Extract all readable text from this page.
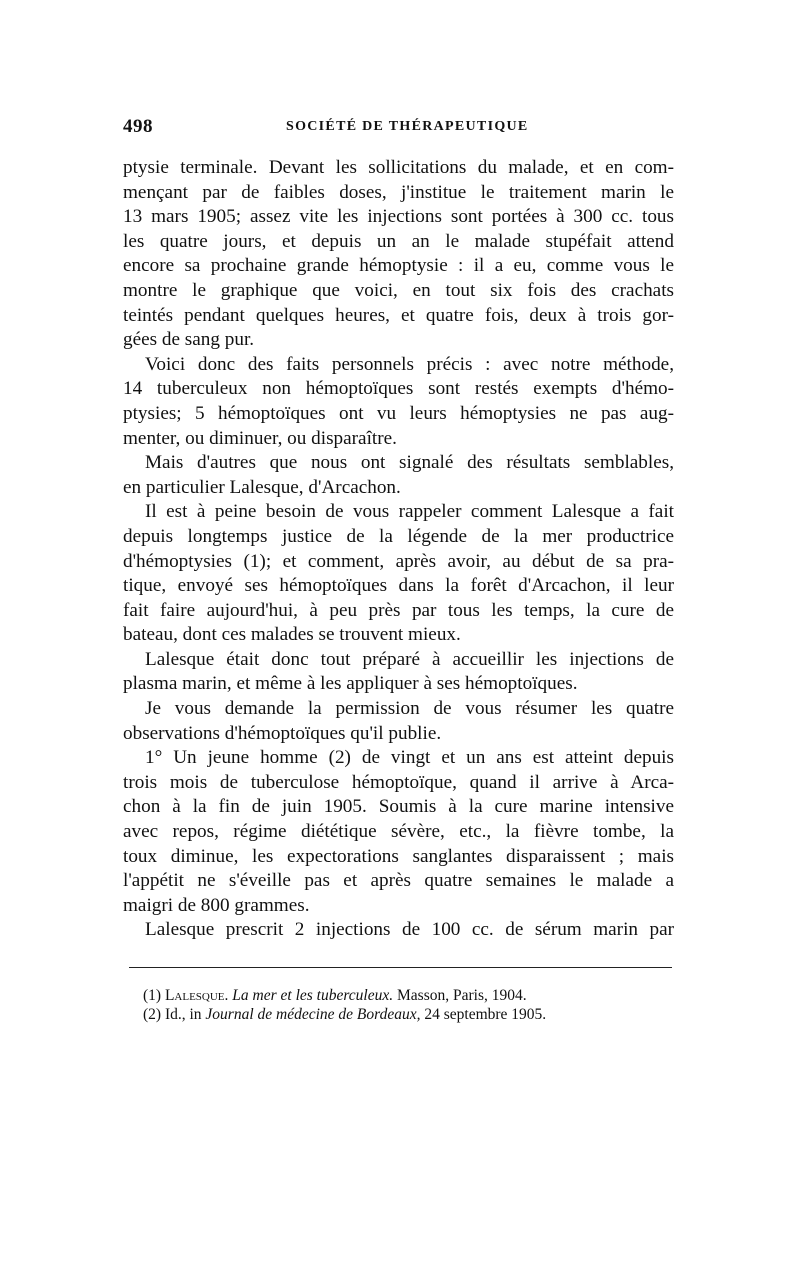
498	SOCIÉTÉ DE THÉRAPEUTIQUE
ptysie terminale. Devant les sollicitations du malade, et en com-
mençant par de faibles doses, j'institue le traitement marin le
13 mars 1905; assez vite les injections sont portées à 300 cc. tous
les quatre jours, et depuis un an le malade stupéfait attend
encore sa prochaine grande hémoptysie : il a eu, comme vous le
montre le graphique que voici, en tout six fois des crachats
teintés pendant quelques heures, et quatre fois, deux à trois gor-
gées de sang pur.
Voici donc des faits personnels précis : avec notre méthode,
14 tuberculeux non hémoptoïques sont restés exempts d'hémo-
ptysies; 5 hémoptoïques ont vu leurs hémoptysies ne pas aug-
menter, ou diminuer, ou disparaître.
Mais d'autres que nous ont signalé des résultats semblables,
en particulier Lalesque, d'Arcachon.
Il est à peine besoin de vous rappeler comment Lalesque a fait
depuis longtemps justice de la légende de la mer productrice
d'hémoptysies (1); et comment, après avoir, au début de sa pra-
tique, envoyé ses hémoptoïques dans la forêt d'Arcachon, il leur
fait faire aujourd'hui, à peu près par tous les temps, la cure de
bateau, dont ces malades se trouvent mieux.
Lalesque était donc tout préparé à accueillir les injections de
plasma marin, et même à les appliquer à ses hémoptoïques.
Je vous demande la permission de vous résumer les quatre
observations d'hémoptoïques qu'il publie.
1° Un jeune homme (2) de vingt et un ans est atteint depuis
trois mois de tuberculose hémoptoïque, quand il arrive à Arca-
chon à la fin de juin 1905. Soumis à la cure marine intensive
avec repos, régime diététique sévère, etc., la fièvre tombe, la
toux diminue, les expectorations sanglantes disparaissent ; mais
l'appétit ne s'éveille pas et après quatre semaines le malade a
maigri de 800 grammes.
Lalesque prescrit 2 injections de 100 cc. de sérum marin par
(1) Lalesque. La mer et les tuberculeux. Masson, Paris, 1904.
(2) Id., in Journal de médecine de Bordeaux, 24 septembre 1905.
